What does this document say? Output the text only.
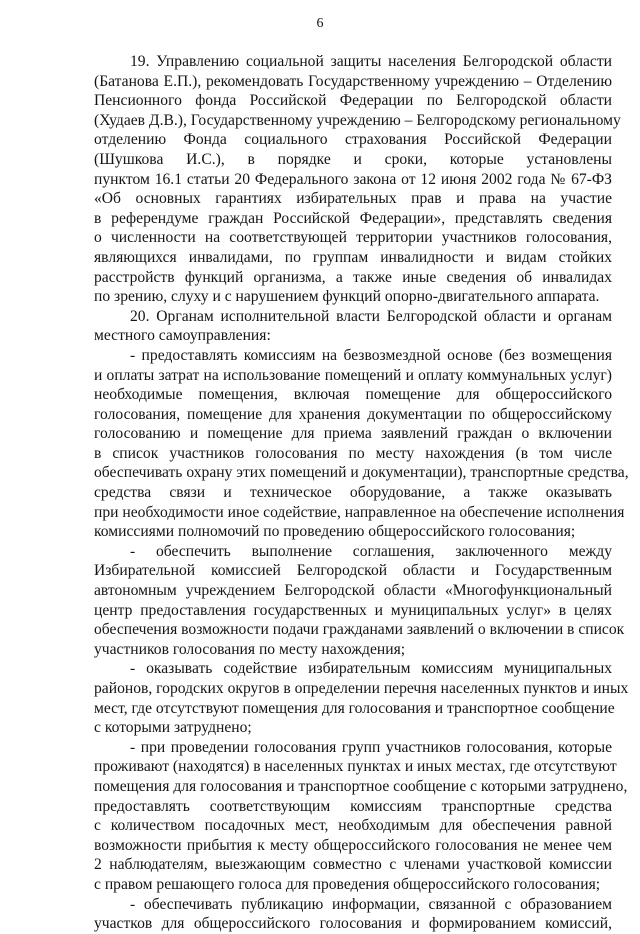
6
19. Управлению социальной защиты населения Белгородской области
(Батанова Е.П.), рекомендовать Государственному учреждению – Отделению
Пенсионного фонда Российской Федерации по Белгородской области
(Худаев Д.В.), Государственному учреждению – Белгородскому региональному
отделению Фонда социального страхования Российской Федерации
(Шушкова И.С.), в порядке и сроки, которые установлены
пунктом 16.1 статьи 20 Федерального закона от 12 июня 2002 года № 67-ФЗ
«Об основных гарантиях избирательных прав и права на участие
в референдуме граждан Российской Федерации», представлять сведения
о численности на соответствующей территории участников голосования,
являющихся инвалидами, по группам инвалидности и видам стойких
расстройств функций организма, а также иные сведения об инвалидах
по зрению, слуху и с нарушением функций опорно-двигательного аппарата.
20. Органам исполнительной власти Белгородской области и органам
местного самоуправления:
- предоставлять комиссиям на безвозмездной основе (без возмещения
и оплаты затрат на использование помещений и оплату коммунальных услуг)
необходимые помещения, включая помещение для общероссийского
голосования, помещение для хранения документации по общероссийскому
голосованию и помещение для приема заявлений граждан о включении
в список участников голосования по месту нахождения (в том числе
обеспечивать охрану этих помещений и документации), транспортные средства,
средства связи и техническое оборудование, а также оказывать
при необходимости иное содействие, направленное на обеспечение исполнения
комиссиями полномочий по проведению общероссийского голосования;
- обеспечить выполнение соглашения, заключенного между
Избирательной комиссией Белгородской области и Государственным
автономным учреждением Белгородской области «Многофункциональный
центр предоставления государственных и муниципальных услуг» в целях
обеспечения возможности подачи гражданами заявлений о включении в список
участников голосования по месту нахождения;
- оказывать содействие избирательным комиссиям муниципальных
районов, городских округов в определении перечня населенных пунктов и иных
мест, где отсутствуют помещения для голосования и транспортное сообщение
с которыми затруднено;
- при проведении голосования групп участников голосования, которые
проживают (находятся) в населенных пунктах и иных местах, где отсутствуют
помещения для голосования и транспортное сообщение с которыми затруднено,
предоставлять соответствующим комиссиям транспортные средства
с количеством посадочных мест, необходимым для обеспечения равной
возможности прибытия к месту общероссийского голосования не менее чем
2 наблюдателям, выезжающим совместно с членами участковой комиссии
с правом решающего голоса для проведения общероссийского голосования;
- обеспечивать публикацию информации, связанной с образованием
участков для общероссийского голосования и формированием комиссий,
